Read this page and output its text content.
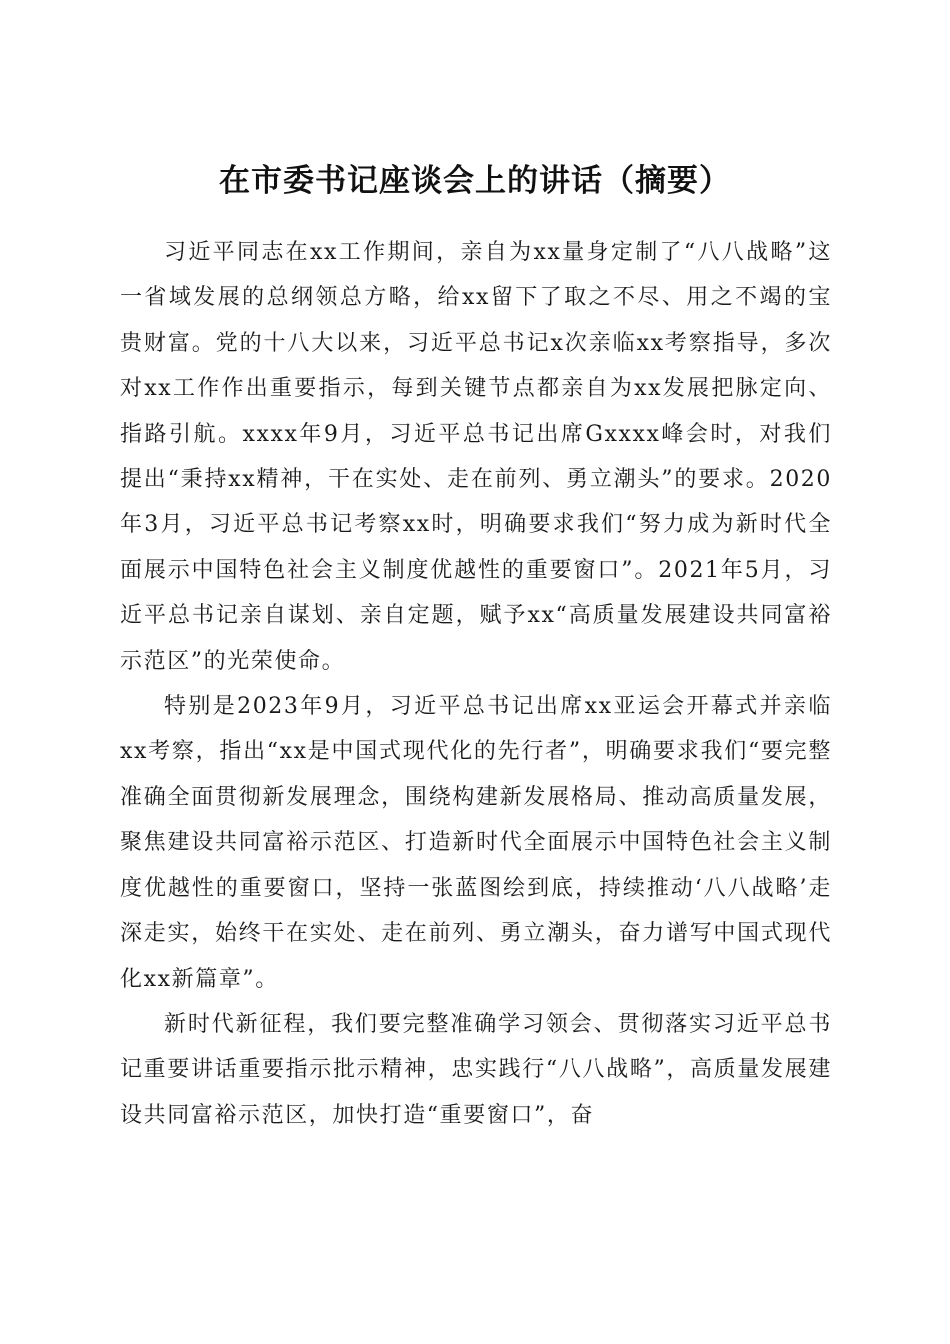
在市委书记座谈会上的讲话（摘要）

习近平同志在xx工作期间，亲自为xx量身定制了“八八战略”这一省域发展的总纲领总方略，给xx留下了取之不尽、用之不竭的宝贵财富。党的十八大以来，习近平总书记x次亲临xx考察指导，多次对xx工作作出重要指示，每到关键节点都亲自为xx发展把脉定向、指路引航。xxxx年9月，习近平总书记出席Gxxxx峰会时，对我们提出“秉持xx精神，干在实处、走在前列、勇立潮头”的要求。2020年3月，习近平总书记考察xx时，明确要求我们“努力成为新时代全面展示中国特色社会主义制度优越性的重要窗口”。2021年5月，习近平总书记亲自谋划、亲自定题，赋予xx“高质量发展建设共同富裕示范区”的光荣使命。

特别是2023年9月，习近平总书记出席xx亚运会开幕式并亲临xx考察，指出“xx是中国式现代化的先行者”，明确要求我们“要完整准确全面贯彻新发展理念，围绕构建新发展格局、推动高质量发展，聚焦建设共同富裕示范区、打造新时代全面展示中国特色社会主义制度优越性的重要窗口，坚持一张蓝图绘到底，持续推动‘八八战略’走深走实，始终干在实处、走在前列、勇立潮头，奋力谱写中国式现代化xx新篇章”。

新时代新征程，我们要完整准确学习领会、贯彻落实习近平总书记重要讲话重要指示批示精神，忠实践行“八八战略”，高质量发展建设共同富裕示范区，加快打造“重要窗口”，奋
